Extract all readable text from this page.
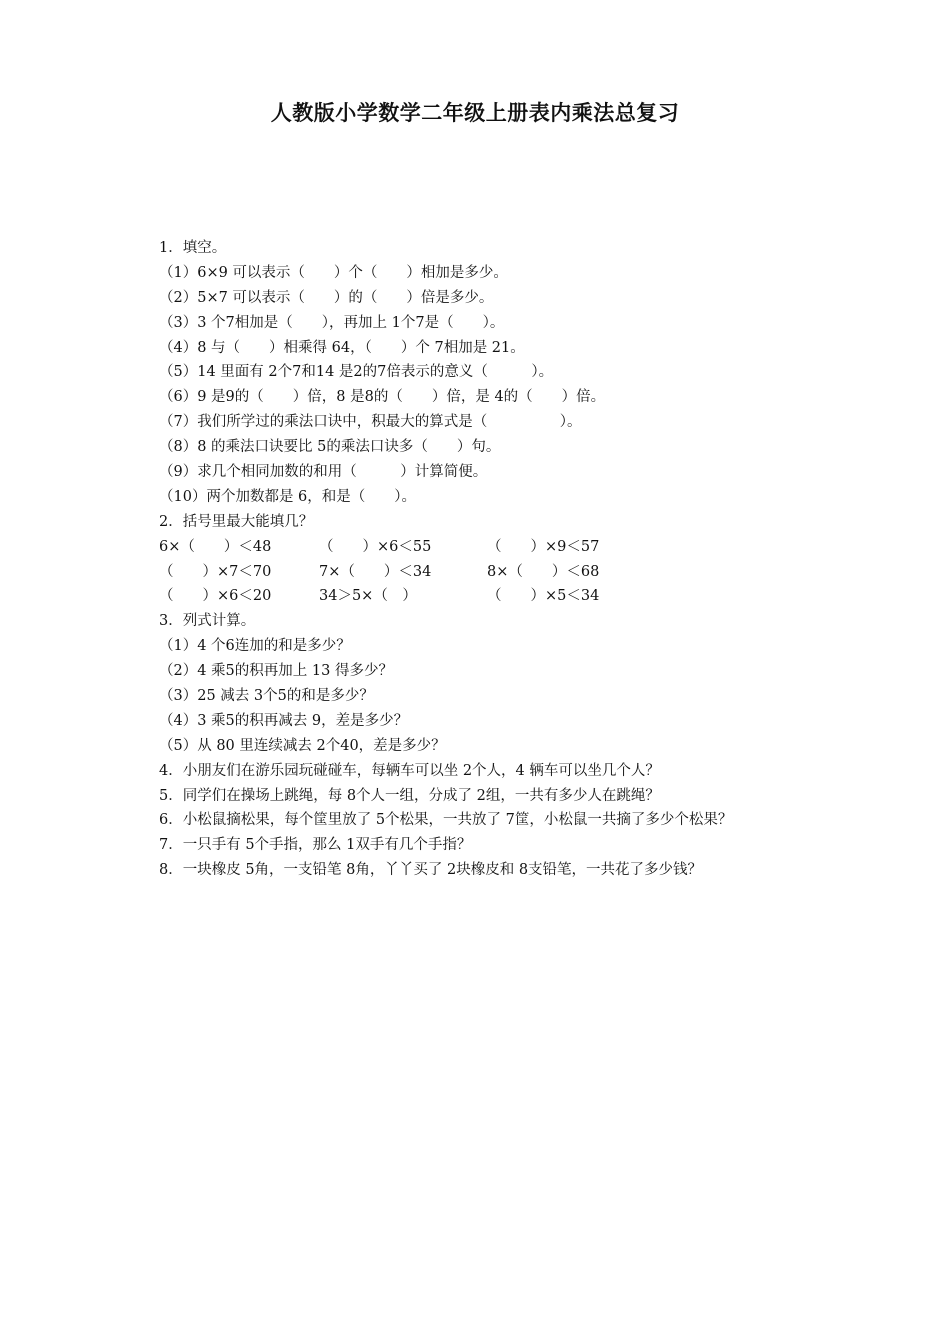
人教版小学数学二年级上册表内乘法总复习
1．填空。
（1）6×9 可以表示（　　）个（　　）相加是多少。
（2）5×7 可以表示（　　）的（　　）倍是多少。
（3）3 个7相加是（　　），再加上 1个7是（　　）。
（4）8 与（　　）相乘得 64，（　　）个 7相加是 21。
（5）14 里面有 2个7和14 是2的7倍表示的意义（　　　）。
（6）9 是9的（　　）倍，8 是8的（　　）倍，是 4的（　　）倍。
（7）我们所学过的乘法口诀中，积最大的算式是（　　　　　）。
（8）8 的乘法口诀要比 5的乘法口诀多（　　）句。
（9）求几个相同加数的和用（　　　）计算简便。
（10）两个加数都是 6，和是（　　）。
2．括号里最大能填几？
6×（　　）＜48	（　　）×6＜55	（　　）×9＜57
（　　）×7＜70	7×（　　）＜34	8×（　　）＜68
（　　）×6＜20	34＞5×（　）	（　　）×5＜34
3．列式计算。
（1）4 个6连加的和是多少？
（2）4 乘5的积再加上 13 得多少？
（3）25 减去 3个5的和是多少？
（4）3 乘5的积再减去 9，差是多少？
（5）从 80 里连续减去 2个40，差是多少？
4．小朋友们在游乐园玩碰碰车，每辆车可以坐 2个人，4 辆车可以坐几个人？
5．同学们在操场上跳绳，每 8个人一组，分成了 2组，一共有多少人在跳绳？
6．小松鼠摘松果，每个筐里放了 5个松果，一共放了 7筐，小松鼠一共摘了多少个松果？
7．一只手有 5个手指，那么 1双手有几个手指？
8．一块橡皮 5角，一支铅笔 8角，丫丫买了 2块橡皮和 8支铅笔，一共花了多少钱？
